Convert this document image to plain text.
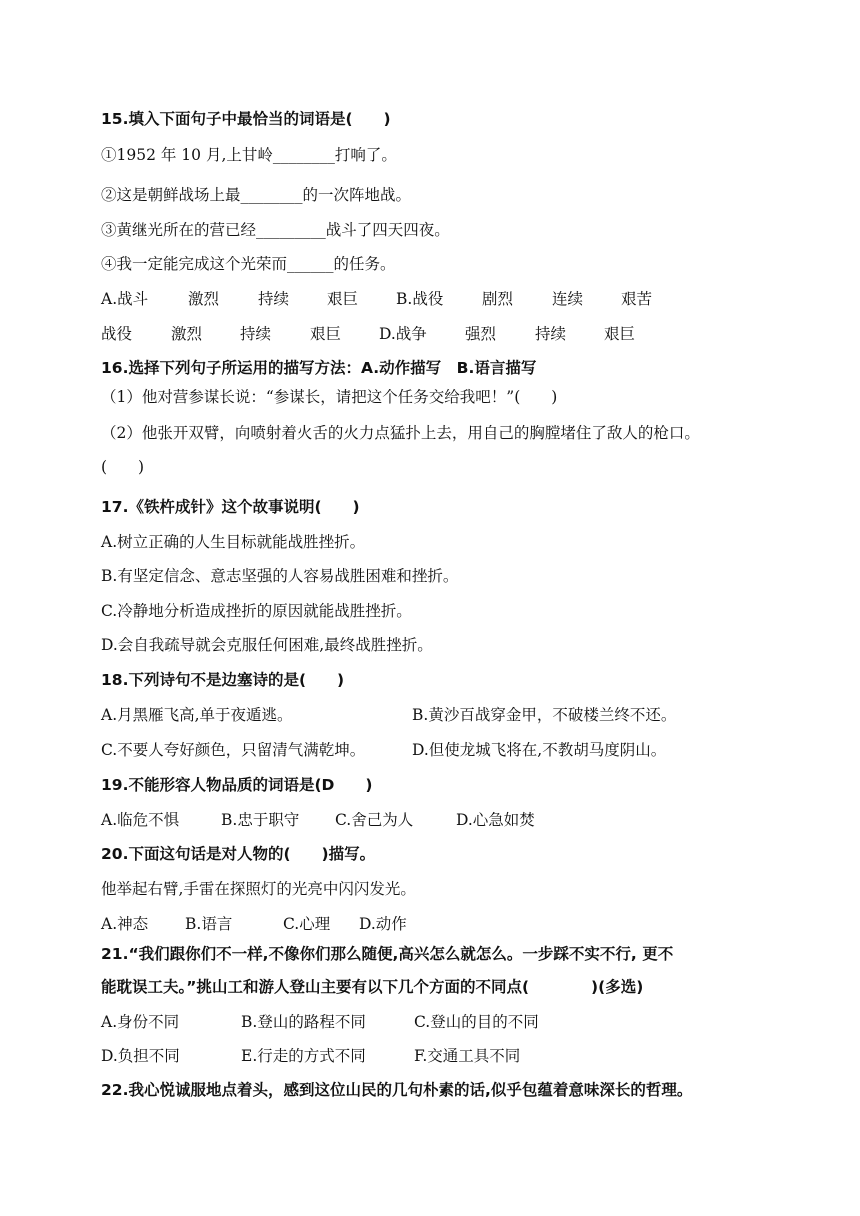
15.填入下面句子中最恰当的词语是(　　)
①1952 年 10 月,上甘岭________打响了。
②这是朝鲜战场上最________的一次阵地战。
③黄继光所在的营已经_________战斗了四天四夜。
④我一定能完成这个光荣而______的任务。
A.战斗	激烈	持续 艰巨 B.战役 剧烈	连续 艰苦
战役	激烈 持续	艰巨 D.战争 强烈	持续 艰巨
16.选择下列句子所运用的描写方法：A.动作描写　B.语言描写
（1）他对营参谋长说：“参谋长，请把这个任务交给我吧！”(　　)
（2）他张开双臂，向喷射着火舌的火力点猛扑上去，用自己的胸膛堵住了敌人的枪口。
(　　)
17.《铁杵成针》这个故事说明(　　)
A.树立正确的人生目标就能战胜挫折。
B.有坚定信念、意志坚强的人容易战胜困难和挫折。
C.冷静地分析造成挫折的原因就能战胜挫折。
D.会自我疏导就会克服任何困难,最终战胜挫折。
18.下列诗句不是边塞诗的是(　　)
A.月黑雁飞高,单于夜遁逃。	B.黄沙百战穿金甲，不破楼兰终不还。
C.不要人夸好颜色，只留清气满乾坤。	D.但使龙城飞将在,不教胡马度阴山。
19.不能形容人物品质的词语是(D　　)
A.临危不惧	B.忠于职守 C.舍己为人	D.心急如焚
20.下面这句话是对人物的(　　)描写。
他举起右臂,手雷在探照灯的光亮中闪闪发光。
A.神态 B.语言	C.心理 D.动作
21.“我们跟你们不一样,不像你们那么随便,高兴怎么就怎么。一步踩不实不行, 更不
能耽误工夫。”挑山工和游人登山主要有以下几个方面的不同点(　　　　)(多选)
A.身份不同	B.登山的路程不同	C.登山的目的不同
D.负担不同	E.行走的方式不同	F.交通工具不同
22.我心悦诚服地点着头，感到这位山民的几句朴素的话,似乎包蕴着意味深长的哲理。
